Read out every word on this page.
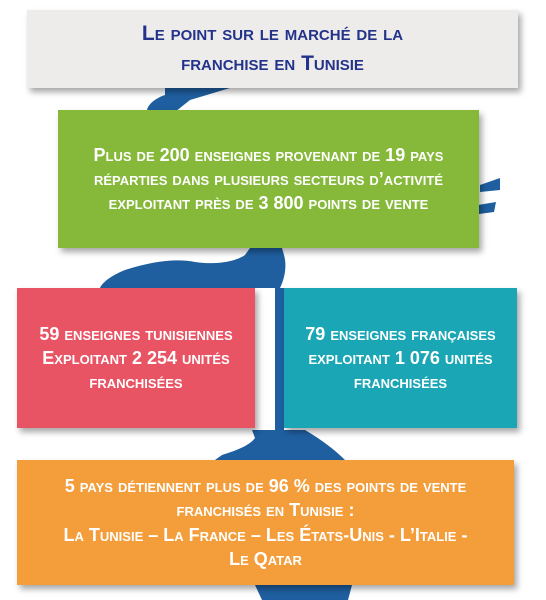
Le point sur le marché de la
franchise en Tunisie
Plus de 200 enseignes provenant de 19 pays
réparties dans plusieurs secteurs d’activité
exploitant près de 3 800 points de vente
59 enseignes tunisiennes
Exploitant 2 254 unités
franchisées
79 enseignes françaises
exploitant 1 076 unités
franchisées
5 pays détiennent plus de 96 % des points de vente
franchisés en Tunisie :
La Tunisie – La France – Les États-Unis - L’Italie -
Le Qatar
